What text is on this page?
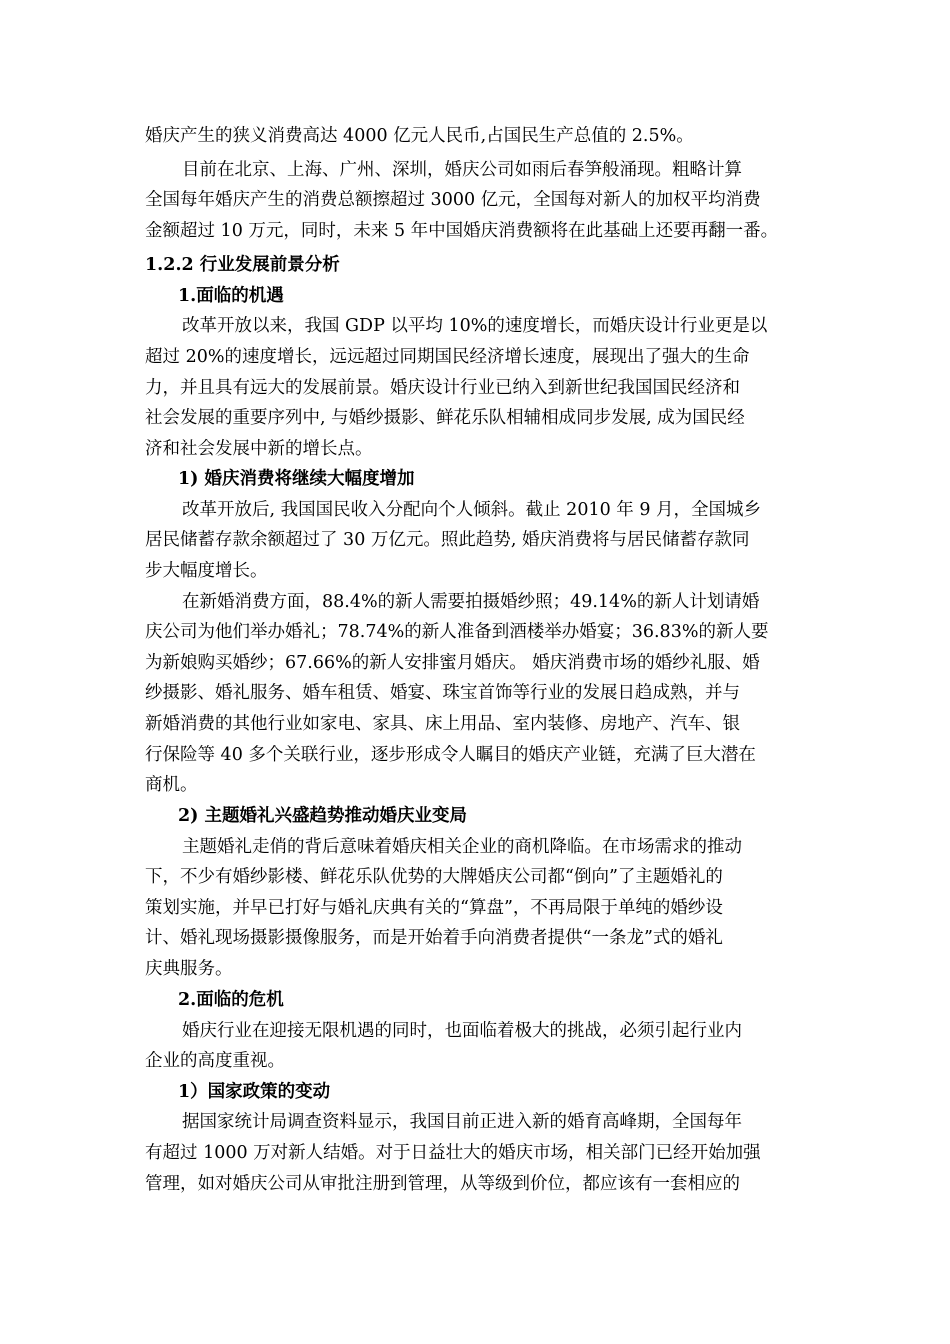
婚庆产生的狭义消费高达 4000 亿元人民币,占国民生产总值的 2.5%。

目前在北京、上海、广州、深圳，婚庆公司如雨后春笋般涌现。粗略计算

全国每年婚庆产生的消费总额擦超过 3000 亿元，全国每对新人的加权平均消费

金额超过 10 万元，同时，未来 5 年中国婚庆消费额将在此基础上还要再翻一番。

1.2.2 行业发展前景分析

1.面临的机遇

改革开放以来，我国 GDP 以平均 10%的速度增长，而婚庆设计行业更是以

超过 20%的速度增长，远远超过同期国民经济增长速度，展现出了强大的生命

力，并且具有远大的发展前景。婚庆设计行业已纳入到新世纪我国国民经济和

社会发展的重要序列中, 与婚纱摄影、鲜花乐队相辅相成同步发展, 成为国民经

济和社会发展中新的增长点。

1) 婚庆消费将继续大幅度增加

改革开放后, 我国国民收入分配向个人倾斜。截止 2010 年 9 月，全国城乡

居民储蓄存款余额超过了 30 万亿元。照此趋势, 婚庆消费将与居民储蓄存款同

步大幅度增长。

在新婚消费方面，88.4%的新人需要拍摄婚纱照；49.14%的新人计划请婚

庆公司为他们举办婚礼；78.74%的新人准备到酒楼举办婚宴；36.83%的新人要

为新娘购买婚纱；67.66%的新人安排蜜月婚庆。 婚庆消费市场的婚纱礼服、婚

纱摄影、婚礼服务、婚车租赁、婚宴、珠宝首饰等行业的发展日趋成熟，并与

新婚消费的其他行业如家电、家具、床上用品、室内装修、房地产、汽车、银

行保险等 40 多个关联行业，逐步形成令人瞩目的婚庆产业链，充满了巨大潜在

商机。

2) 主题婚礼兴盛趋势推动婚庆业变局

主题婚礼走俏的背后意味着婚庆相关企业的商机降临。在市场需求的推动

下，不少有婚纱影楼、鲜花乐队优势的大牌婚庆公司都“倒向”了主题婚礼的

策划实施，并早已打好与婚礼庆典有关的“算盘”，不再局限于单纯的婚纱设

计、婚礼现场摄影摄像服务，而是开始着手向消费者提供“一条龙”式的婚礼

庆典服务。

2.面临的危机

婚庆行业在迎接无限机遇的同时，也面临着极大的挑战，必须引起行业内

企业的高度重视。

1）国家政策的变动

据国家统计局调查资料显示，我国目前正进入新的婚育高峰期，全国每年

有超过 1000 万对新人结婚。对于日益壮大的婚庆市场，相关部门已经开始加强

管理，如对婚庆公司从审批注册到管理，从等级到价位，都应该有一套相应的
